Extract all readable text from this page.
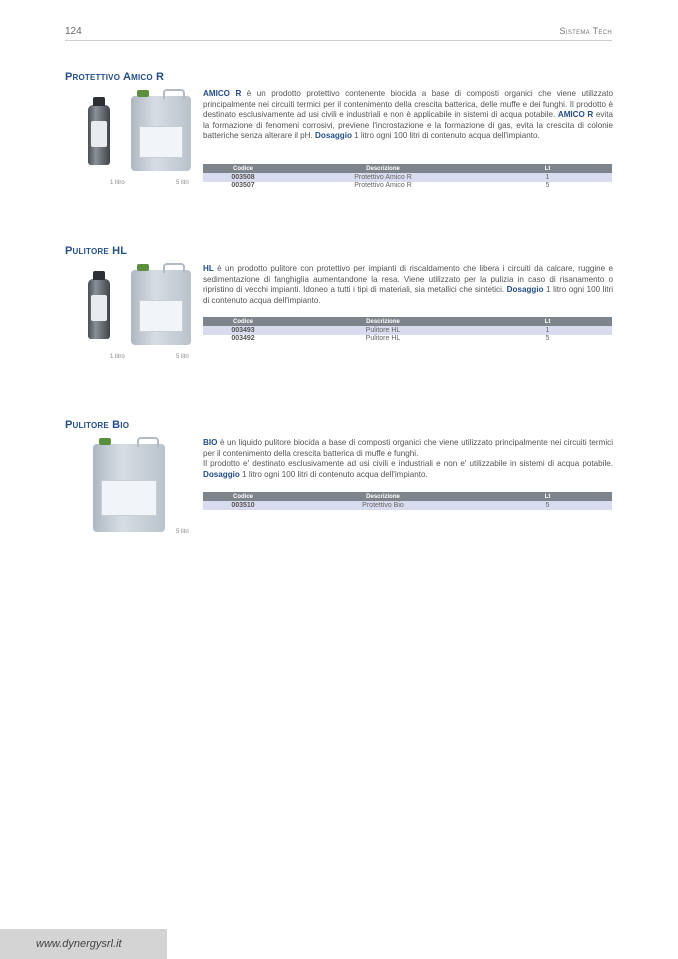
124	Sistema Tech
Protettivo Amico R
1 litro	5 litri

AMICO R è un prodotto protettivo contenente biocida a base di composti organici che viene utilizzato principalmente nei circuiti termici per il contenimento della crescita batterica, delle muffe e dei funghi. Il prodotto è destinato esclusivamente ad usi civili e industriali e non è applicabile in sistemi di acqua potabile. AMICO R evita la formazione di fenomeni corrosivi, previene l'incrostazione e la formazione di gas, evita la crescita di colonie batteriche senza alterare il pH. Dosaggio 1 litro ogni 100 litri di contenuto acqua dell'impianto.

Codice	Descrizione	Lt
003508	Protettivo Amico R	1
003507	Protettivo Amico R	5
Pulitore HL
1 litro	5 litri

HL è un prodotto pulitore con protettivo per impianti di riscaldamento che libera i circuiti da calcare, ruggine e sedimentazione di fanghiglia aumentandone la resa. Viene utilizzato per la pulizia in caso di risanamento o ripristino di vecchi impianti. Idoneo a tutti i tipi di materiali, sia metallici che sintetici. Dosaggio 1 litro ogni 100 litri di contenuto acqua dell'impianto.

Codice	Descrizione	Lt
003493	Pulitore HL	1
003492	Pulitore HL	5
Pulitore Bio
5 litri

BIO è un liquido pulitore biocida a base di composti organici che viene utilizzato principalmente nei circuiti termici per il contenimento della crescita batterica di muffe e funghi.
Il prodotto e' destinato esclusivamente ad usi civili e industriali e non e' utilizzabile in sistemi di acqua potabile. Dosaggio 1 litro ogni 100 litri di contenuto acqua dell'impianto.

Codice	Descrizione	Lt
003510	Protettivo Bio	5
www.dynergysrl.it
